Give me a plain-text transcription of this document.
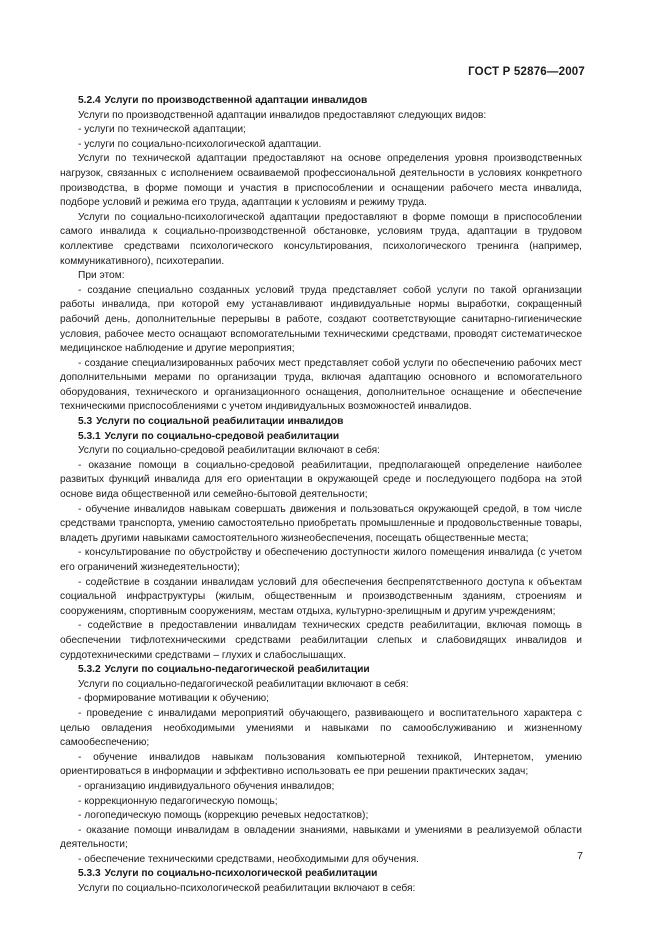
ГОСТ Р 52876—2007

5.2.4 Услуги по производственной адаптации инвалидов

Услуги по производственной адаптации инвалидов предоставляют следующих видов:

- услуги по технической адаптации;

- услуги по социально-психологической адаптации.

Услуги по технической адаптации предоставляют на основе определения уровня производственных нагрузок, связанных с исполнением осваиваемой профессиональной деятельности в условиях конкретного производства, в форме помощи и участия в приспособлении и оснащении рабочего места инвалида, подборе условий и режима его труда, адаптации к условиям и режиму труда.

Услуги по социально-психологической адаптации предоставляют в форме помощи в приспособлении самого инвалида к социально-производственной обстановке, условиям труда, адаптации в трудовом коллективе средствами психологического консультирования, психологического тренинга (например, коммуникативного), психотерапии.

При этом:

- создание специально созданных условий труда представляет собой услуги по такой организации работы инвалида, при которой ему устанавливают индивидуальные нормы выработки, сокращенный рабочий день, дополнительные перерывы в работе, создают соответствующие санитарно-гигиенические условия, рабочее место оснащают вспомогательными техническими средствами, проводят систематическое медицинское наблюдение и другие мероприятия;

- создание специализированных рабочих мест представляет собой услуги по обеспечению рабочих мест дополнительными мерами по организации труда, включая адаптацию основного и вспомогательного оборудования, технического и организационного оснащения, дополнительное оснащение и обеспечение техническими приспособлениями с учетом индивидуальных возможностей инвалидов.

5.3 Услуги по социальной реабилитации инвалидов

5.3.1 Услуги по социально-средовой реабилитации

Услуги по социально-средовой реабилитации включают в себя:

- оказание помощи в социально-средовой реабилитации, предполагающей определение наиболее развитых функций инвалида для его ориентации в окружающей среде и последующего подбора на этой основе вида общественной или семейно-бытовой деятельности;

- обучение инвалидов навыкам совершать движения и пользоваться окружающей средой, в том числе средствами транспорта, умению самостоятельно приобретать промышленные и продовольственные товары, владеть другими навыками самостоятельного жизнеобеспечения, посещать общественные места;

- консультирование по обустройству и обеспечению доступности жилого помещения инвалида (с учетом его ограничений жизнедеятельности);

- содействие в создании инвалидам условий для обеспечения беспрепятственного доступа к объектам социальной инфраструктуры (жилым, общественным и производственным зданиям, строениям и сооружениям, спортивным сооружениям, местам отдыха, культурно-зрелищным и другим учреждениям;

- содействие в предоставлении инвалидам технических средств реабилитации, включая помощь в обеспечении тифлотехническими средствами реабилитации слепых и слабовидящих инвалидов и сурдотехническими средствами – глухих и слабослышащих.

5.3.2 Услуги по социально-педагогической реабилитации

Услуги по социально-педагогической реабилитации включают в себя:

- формирование мотивации к обучению;

- проведение с инвалидами мероприятий обучающего, развивающего и воспитательного характера с целью овладения необходимыми умениями и навыками по самообслуживанию и жизненному самообеспечению;

- обучение инвалидов навыкам пользования компьютерной техникой, Интернетом, умению ориентироваться в информации и эффективно использовать ее при решении практических задач;

- организацию индивидуального обучения инвалидов;

- коррекционную педагогическую помощь;

- логопедическую помощь (коррекцию речевых недостатков);

- оказание помощи инвалидам в овладении знаниями, навыками и умениями в реализуемой области деятельности;

- обеспечение техническими средствами, необходимыми для обучения.

5.3.3 Услуги по социально-психологической реабилитации

Услуги по социально-психологической реабилитации включают в себя:

7
